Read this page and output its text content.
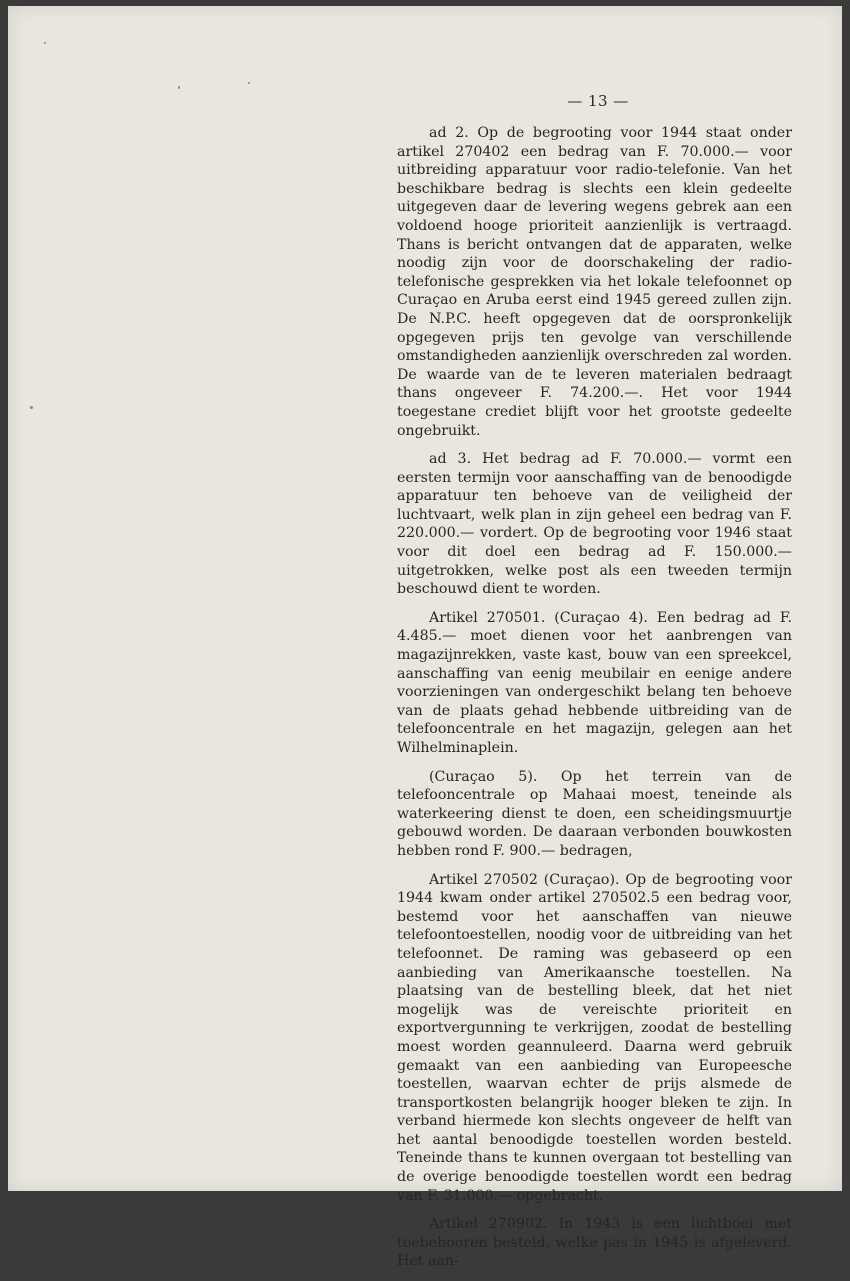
— 13 —

ad 2. Op de begrooting voor 1944 staat onder artikel 270402 een bedrag van F. 70.000.— voor uitbreiding apparatuur voor radio-telefonie. Van het beschikbare bedrag is slechts een klein gedeelte uitgegeven daar de levering wegens gebrek aan een voldoend hooge prioriteit aanzienlijk is vertraagd. Thans is bericht ontvangen dat de apparaten, welke noodig zijn voor de doorschakeling der radio-telefonische gesprekken via het lokale telefoonnet op Curaçao en Aruba eerst eind 1945 gereed zullen zijn. De N.P.C. heeft opgegeven dat de oorspronkelijk opgegeven prijs ten gevolge van verschillende omstandigheden aanzienlijk overschreden zal worden. De waarde van de te leveren materialen bedraagt thans ongeveer F. 74.200.—. Het voor 1944 toegestane crediet blijft voor het grootste gedeelte ongebruikt.

ad 3. Het bedrag ad F. 70.000.— vormt een eersten termijn voor aanschaffing van de benoodigde apparatuur ten behoeve van de veiligheid der luchtvaart, welk plan in zijn geheel een bedrag van F. 220.000.— vordert. Op de begrooting voor 1946 staat voor dit doel een bedrag ad F. 150.000.— uitgetrokken, welke post als een tweeden termijn beschouwd dient te worden.

Artikel 270501. (Curaçao 4). Een bedrag ad F. 4.485.— moet dienen voor het aanbrengen van magazijnrekken, vaste kast, bouw van een spreekcel, aanschaffing van eenig meubilair en eenige andere voorzieningen van ondergeschikt belang ten behoeve van de plaats gehad hebbende uitbreiding van de telefooncentrale en het magazijn, gelegen aan het Wilhelminaplein.

(Curaçao 5). Op het terrein van de telefooncentrale op Mahaai moest, teneinde als waterkeering dienst te doen, een scheidingsmuurtje gebouwd worden. De daaraan verbonden bouwkosten hebben rond F. 900.— bedragen,

Artikel 270502 (Curaçao). Op de begrooting voor 1944 kwam onder artikel 270502.5 een bedrag voor, bestemd voor het aanschaffen van nieuwe telefoontoestellen, noodig voor de uitbreiding van het telefoonnet. De raming was gebaseerd op een aanbieding van Amerikaansche toestellen. Na plaatsing van de bestelling bleek, dat het niet mogelijk was de vereischte prioriteit en exportvergunning te verkrijgen, zoodat de bestelling moest worden geannuleerd. Daarna werd gebruik gemaakt van een aanbieding van Europeesche toestellen, waarvan echter de prijs alsmede de transportkosten belangrijk hooger bleken te zijn. In verband hiermede kon slechts ongeveer de helft van het aantal benoodigde toestellen worden besteld. Teneinde thans te kunnen overgaan tot bestelling van de overige benoodigde toestellen wordt een bedrag van F. 31.000.— opgebracht.

Artikel 270902. In 1943 is een lichtboei met toebehooren besteld, welke pas in 1945 is afgeleverd. Het aan-
